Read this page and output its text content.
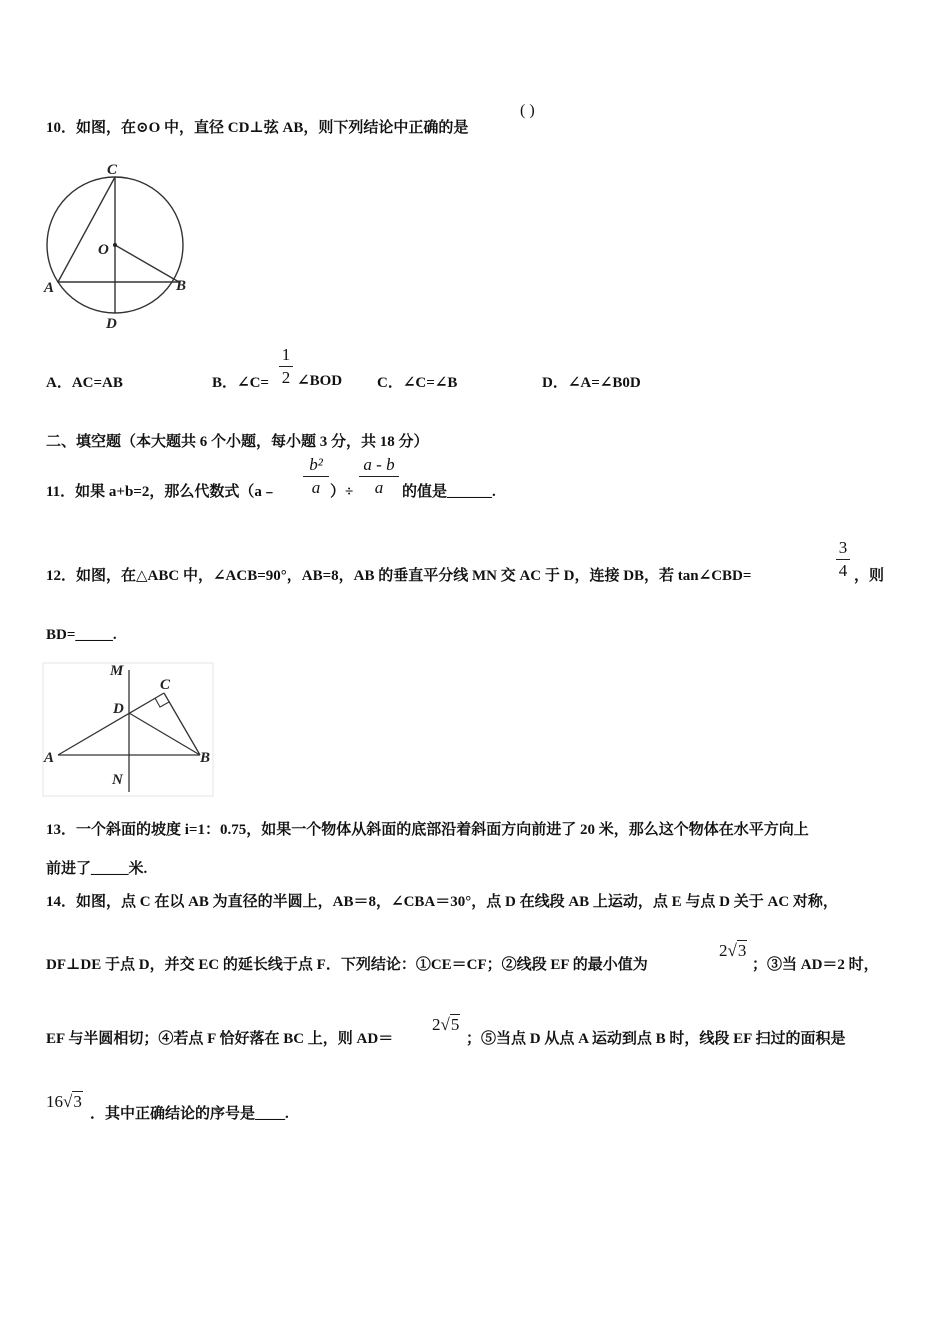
10．如图，在⊙O 中，直径 CD⊥弦 AB，则下列结论中正确的是
( )
C
O
A	B
D
A．AC=AB	B．∠C=
1
2 ∠BOD C．∠C=∠B	D．∠A=∠B0D
二、填空题（本大题共 6 个小题，每小题 3 分，共 18 分）
11．如果 a+b=2，那么代数式（a﹣
b²
a ）÷
a - b
a	的值是______.
12．如图，在△ABC 中，∠ACB=90°，AB=8，AB 的垂直平分线 MN 交 AC 于 D，连接 DB，若 tan∠CBD=
3
4 ，则
BD=_____.
M
C
D
A	B
N
13．一个斜面的坡度 i=1：0.75，如果一个物体从斜面的底部沿着斜面方向前进了 20 米，那么这个物体在水平方向上
前进了_____米.
14．如图，点 C 在以 AB 为直径的半圆上，AB＝8，∠CBA＝30°，点 D 在线段 AB 上运动，点 E 与点 D 关于 AC 对称，
DF⊥DE 于点 D，并交 EC 的延长线于点 F．下列结论：①CE＝CF；②线段 EF 的最小值为
2√3
；③当 AD＝2 时，
EF 与半圆相切；④若点 F 恰好落在 BC 上，则 AD＝
2√5
；⑤当点 D 从点 A 运动到点 B 时，线段 EF 扫过的面积是
16√3
．其中正确结论的序号是____.
